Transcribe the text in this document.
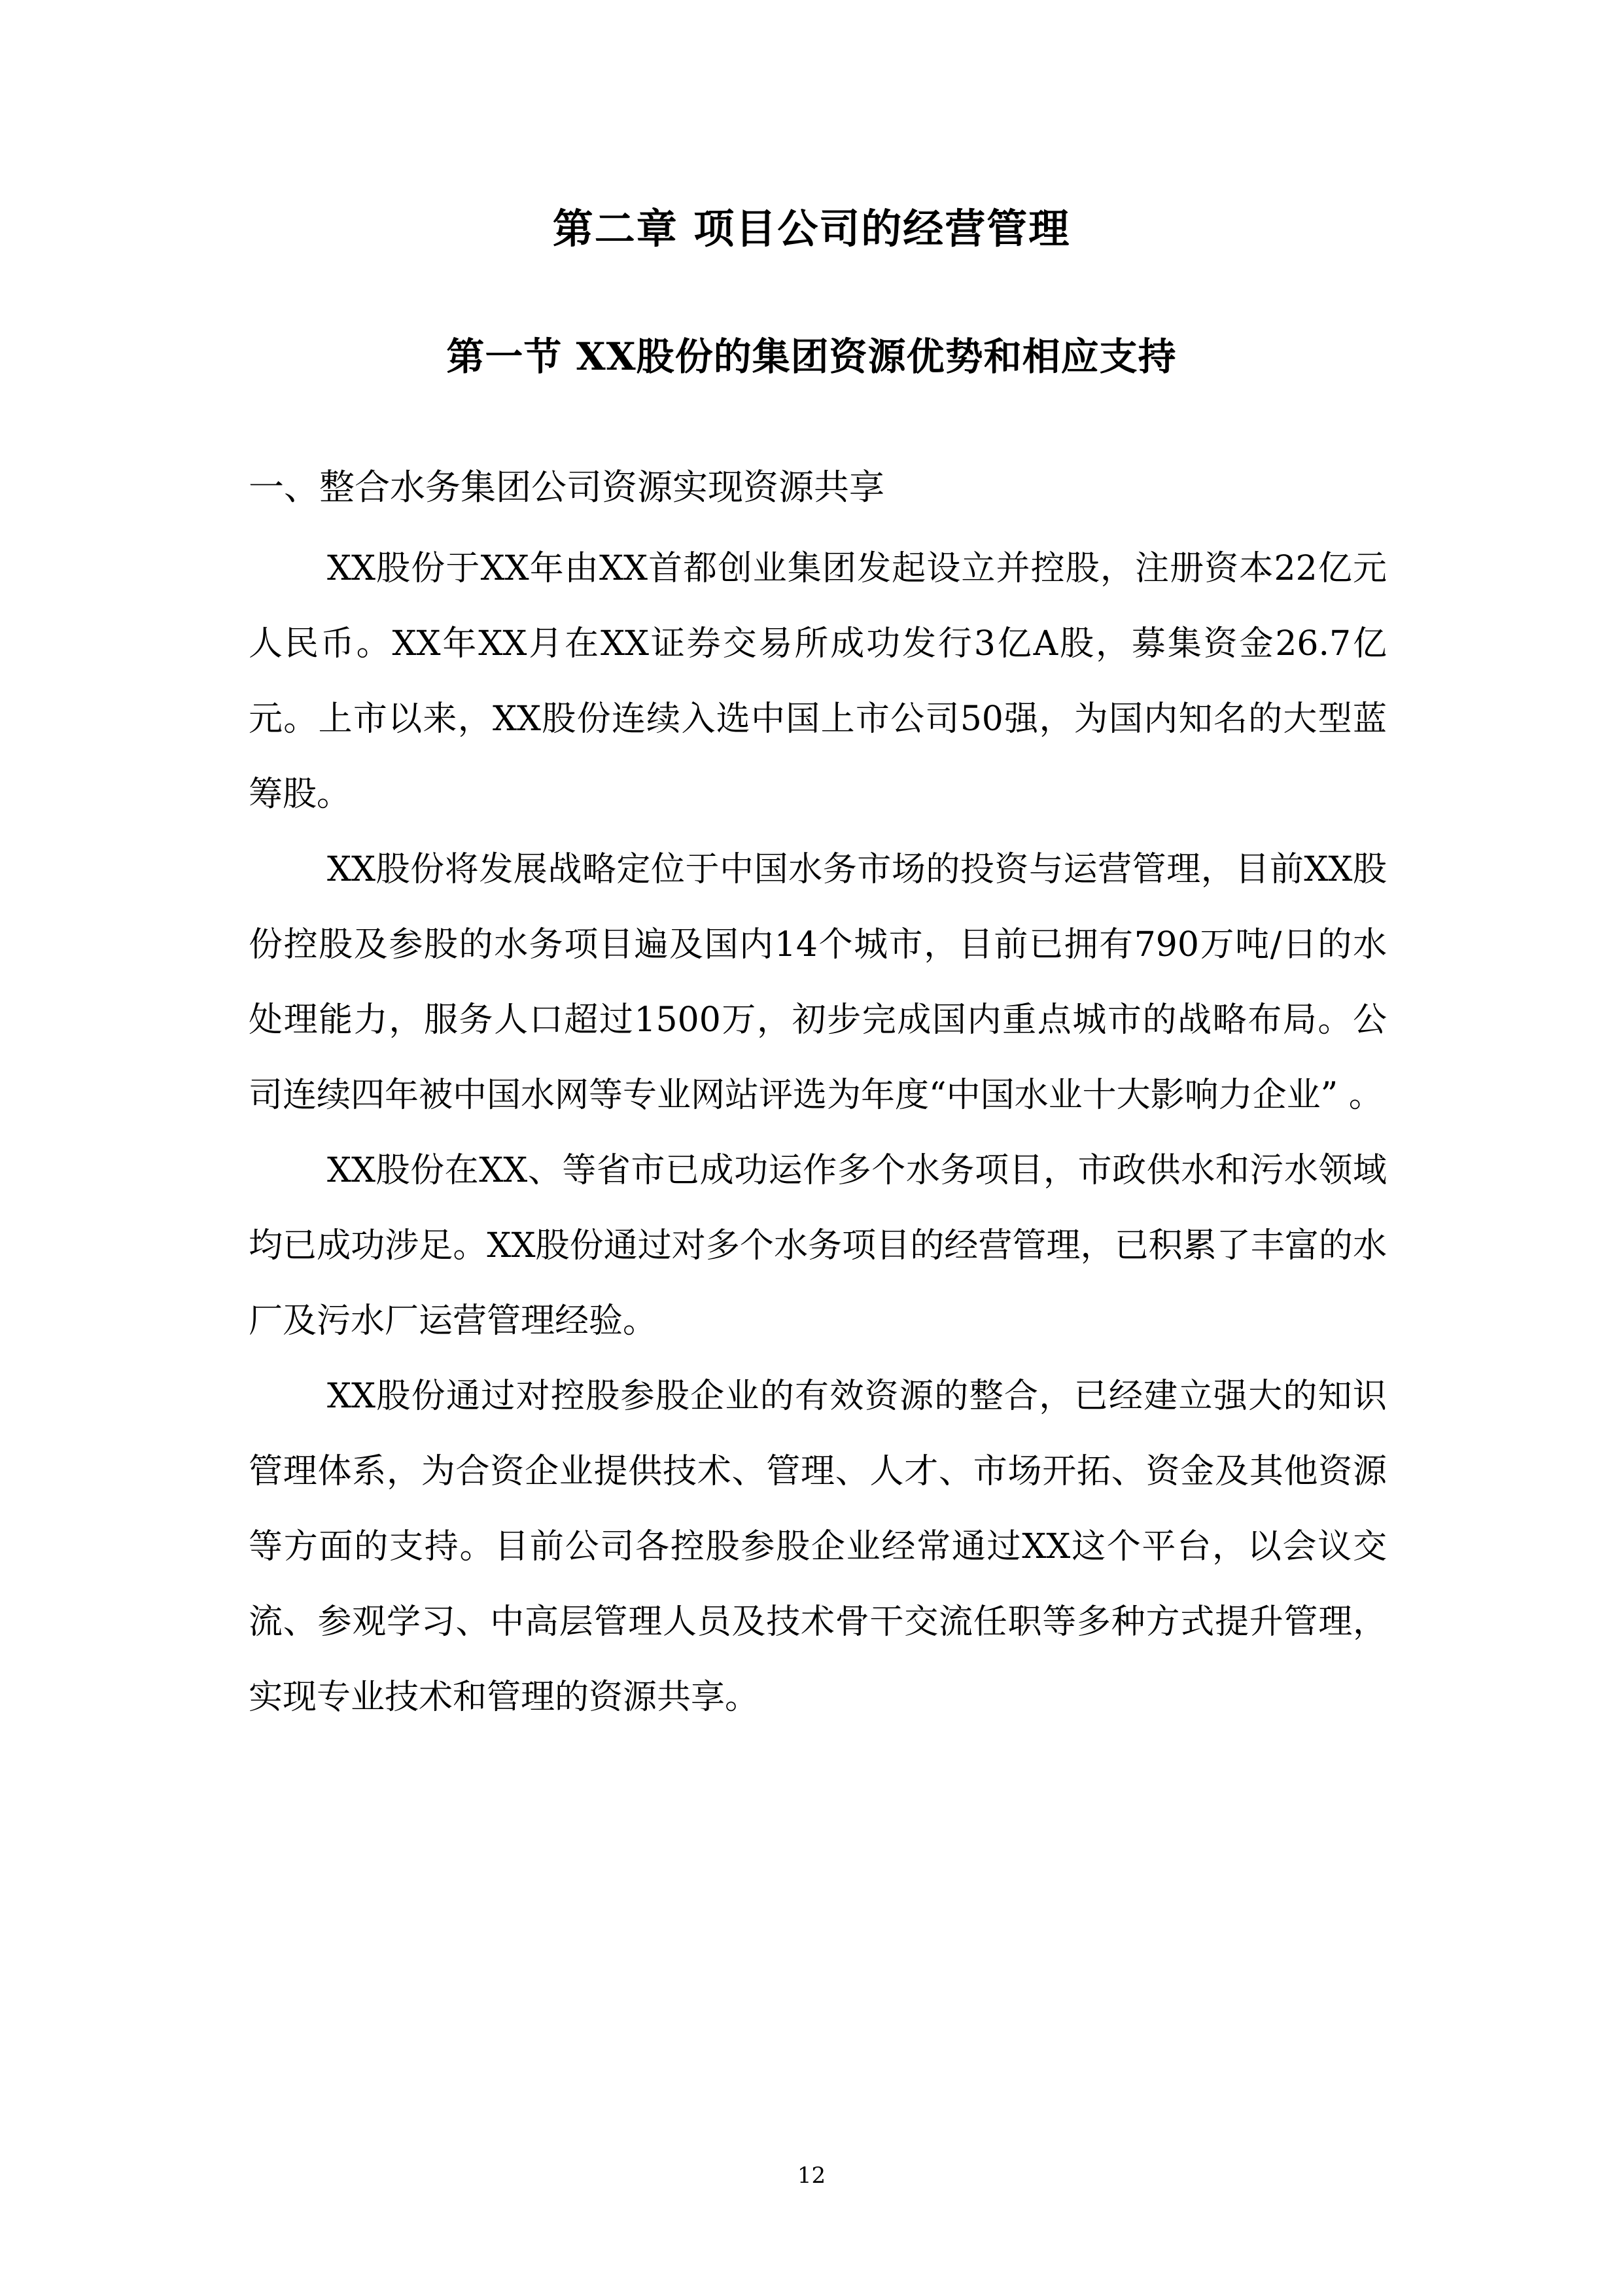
第二章 项目公司的经营管理
第一节 XX股份的集团资源优势和相应支持

一、整合水务集团公司资源实现资源共享

XX股份于XX年由XX首都创业集团发起设立并控股，注册资本22亿元人民币。XX年XX月在XX证券交易所成功发行3亿A股，募集资金26.7亿元。上市以来，XX股份连续入选中国上市公司50强，为国内知名的大型蓝筹股。

XX股份将发展战略定位于中国水务市场的投资与运营管理，目前XX股份控股及参股的水务项目遍及国内14个城市，目前已拥有790万吨/日的水处理能力，服务人口超过1500万，初步完成国内重点城市的战略布局。公司连续四年被中国水网等专业网站评选为年度“中国水业十大影响力企业” 。

XX股份在XX、等省市已成功运作多个水务项目，市政供水和污水领域均已成功涉足。XX股份通过对多个水务项目的经营管理，已积累了丰富的水厂及污水厂运营管理经验。

XX股份通过对控股参股企业的有效资源的整合，已经建立强大的知识管理体系，为合资企业提供技术、管理、人才、市场开拓、资金及其他资源等方面的支持。目前公司各控股参股企业经常通过XX这个平台，以会议交流、参观学习、中高层管理人员及技术骨干交流任职等多种方式提升管理，实现专业技术和管理的资源共享。

12
